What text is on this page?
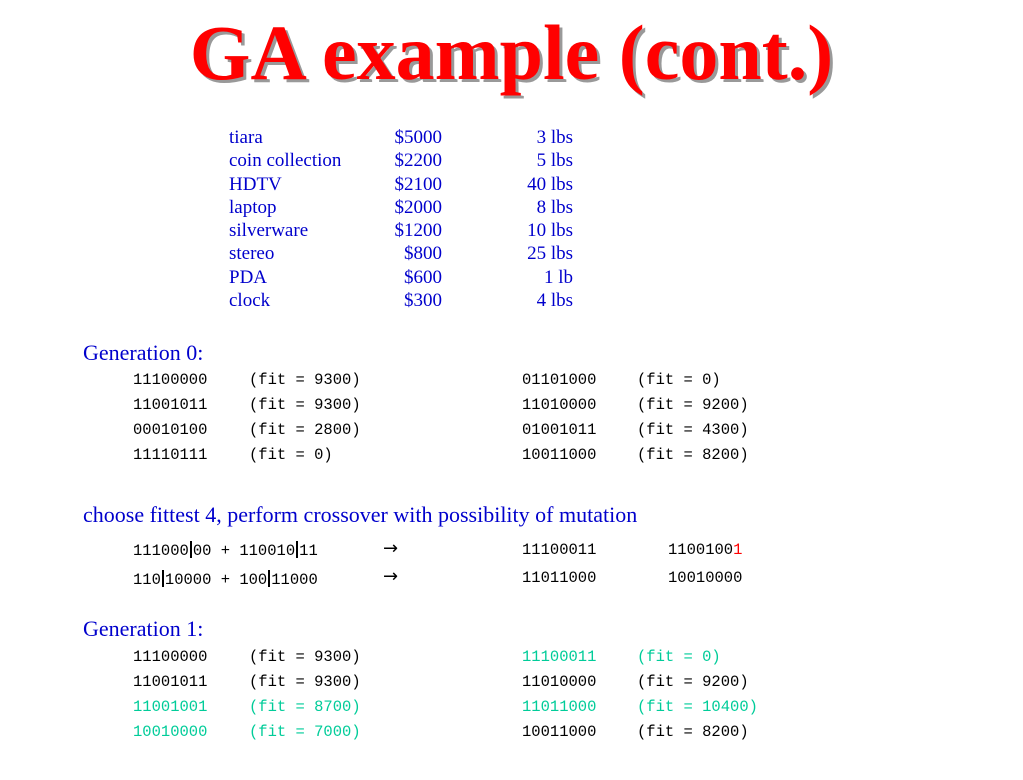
GA example (cont.)
tiara	$5000	3 lbs
coin collection	$2200	5 lbs
HDTV	$2100	40 lbs
laptop	$2000	8 lbs
silverware	$1200	10 lbs
stereo	$800	25 lbs
PDA	$600	1 lb
clock	$300	4 lbs
Generation 0:
11100000	(fit = 9300)	01101000	(fit = 0)
11001011	(fit = 9300)	11010000	(fit = 9200)
00010100	(fit = 2800)	01001011	(fit = 4300)
11110111	(fit = 0)	10011000	(fit = 8200)
choose fittest 4, perform crossover with possibility of mutation
111000 00 + 110010 11	→	11100011	11001001
110 10000 + 100 11000	→	11011000	10010000
Generation 1:
11100000	(fit = 9300)	11100011	(fit = 0)
11001011	(fit = 9300)	11010000	(fit = 9200)
11001001	(fit = 8700)	11011000	(fit = 10400)
10010000	(fit = 7000)	10011000	(fit = 8200)
